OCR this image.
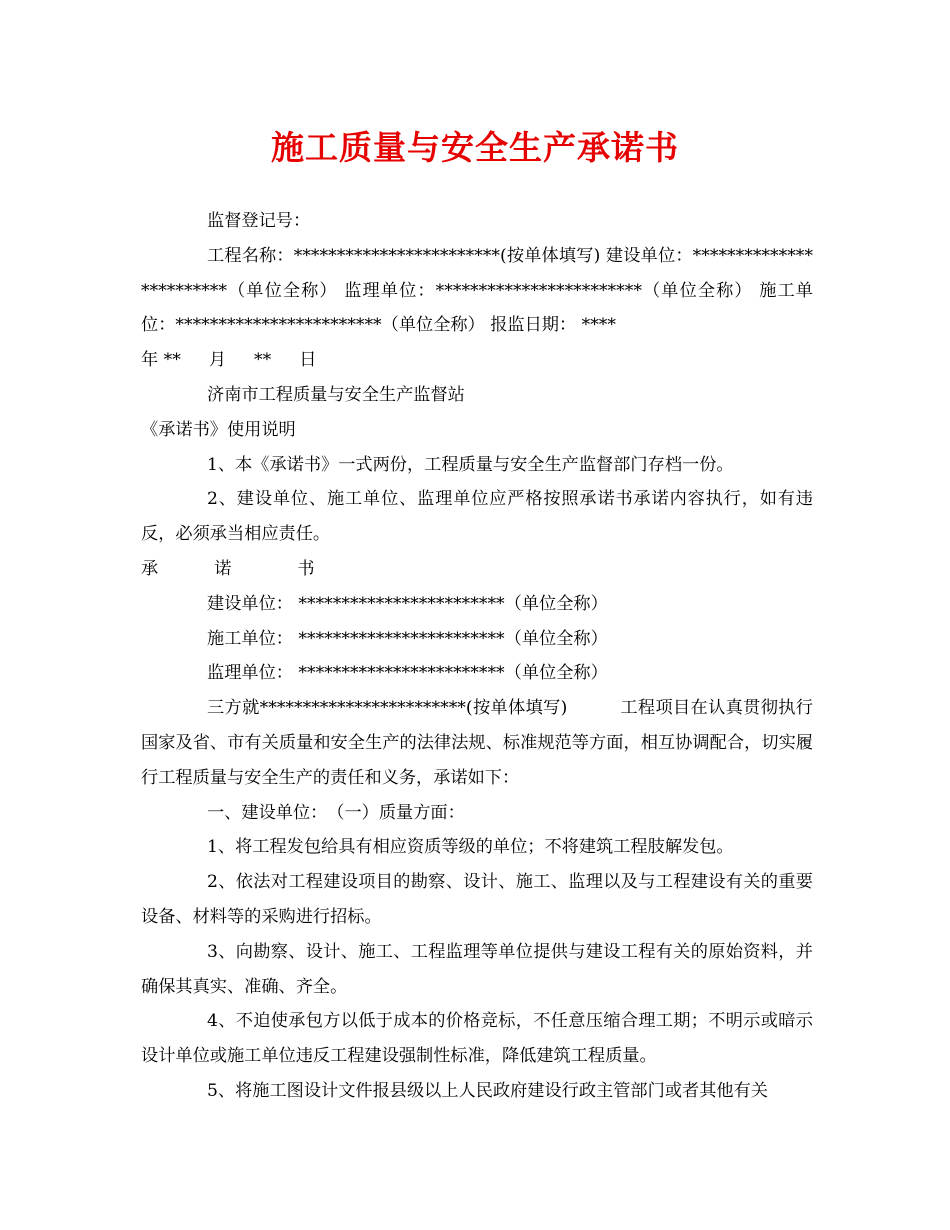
施工质量与安全生产承诺书

监督登记号：

工程名称：************************(按单体填写) 建设单位：************************（单位全称） 监理单位：************************（单位全称） 施工单位：************************（单位全称） 报监日期： ****

年 ** 月 ** 日

济南市工程质量与安全生产监督站

《承诺书》使用说明

1、本《承诺书》一式两份，工程质量与安全生产监督部门存档一份。

2、建设单位、施工单位、监理单位应严格按照承诺书承诺内容执行，如有违反，必须承当相应责任。

承	诺	书

建设单位： ************************（单位全称）

施工单位： ************************（单位全称）

监理单位： ************************（单位全称）

三方就************************(按单体填写)　　　工程项目在认真贯彻执行国家及省、市有关质量和安全生产的法律法规、标准规范等方面，相互协调配合，切实履行工程质量与安全生产的责任和义务，承诺如下：

一、建设单位：　（一）质量方面：

1、将工程发包给具有相应资质等级的单位；不将建筑工程肢解发包。

2、依法对工程建设项目的勘察、设计、施工、监理以及与工程建设有关的重要设备、材料等的采购进行招标。

3、向勘察、设计、施工、工程监理等单位提供与建设工程有关的原始资料，并确保其真实、准确、齐全。

4、不迫使承包方以低于成本的价格竞标，不任意压缩合理工期；不明示或暗示设计单位或施工单位违反工程建设强制性标准，降低建筑工程质量。

5、将施工图设计文件报县级以上人民政府建设行政主管部门或者其他有关
